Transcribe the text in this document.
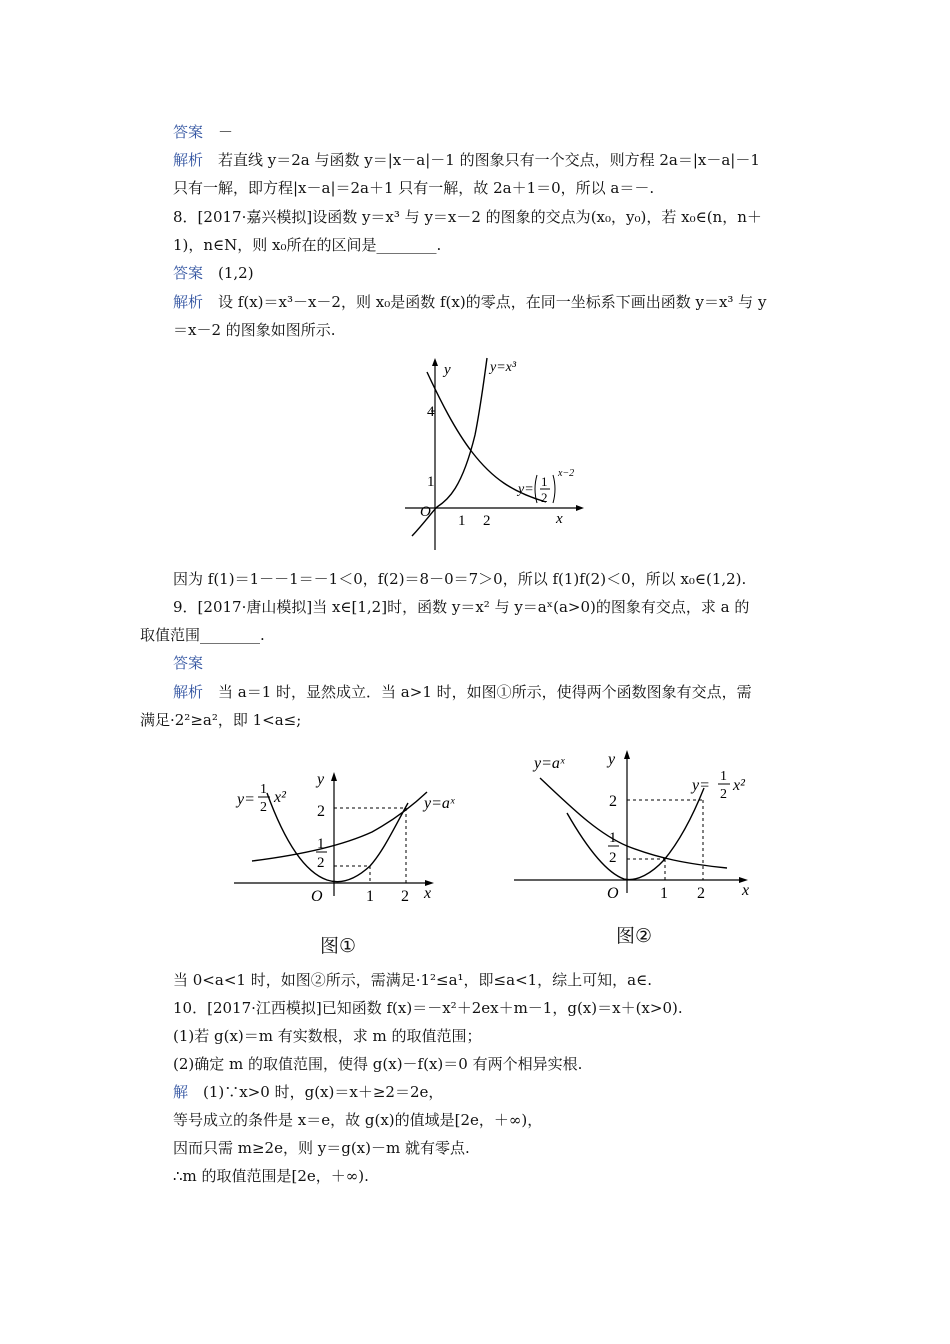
答案　－
解析　若直线 y＝2a 与函数 y＝|x－a|－1 的图象只有一个交点，则方程 2a＝|x－a|－1
只有一解，即方程|x－a|＝2a＋1 只有一解，故 2a＋1＝0，所以 a＝－.
8．[2017·嘉兴模拟]设函数 y＝x³ 与 y＝x－2 的图象的交点为(x₀，y₀)，若 x₀∈(n，n＋
1)，n∈N，则 x₀所在的区间是________.
答案　(1,2)
解析　设 f(x)＝x³－x－2，则 x₀是函数 f(x)的零点，在同一坐标系下画出函数 y＝x³ 与 y
＝x－2 的图象如图所示.
O
y
x
4
1
1 2
y=x³
y=
1
2
x−2
因为 f(1)＝1－－1＝－1＜0，f(2)＝8－0＝7＞0，所以 f(1)f(2)＜0，所以 x₀∈(1,2).
9．[2017·唐山模拟]当 x∈[1,2]时，函数 y＝x² 与 y＝aˣ(a>0)的图象有交点，求 a 的
取值范围________.
答案
解析　当 a＝1 时，显然成立．当 a>1 时，如图①所示，使得两个函数图象有交点，需
满足·2²≥a²，即 1<a≤;
O
y
x
2
1
2
1 2
y=
1
2
x²	y=aˣ
图①
O
y
x
2
1
2
1 2
y=aˣ
y=
1
2
x²
图②
当 0<a<1 时，如图②所示，需满足·1²≤a¹，即≤a<1，综上可知，a∈.
10．[2017·江西模拟]已知函数 f(x)＝－x²＋2ex＋m－1，g(x)＝x＋(x>0).
(1)若 g(x)＝m 有实数根，求 m 的取值范围；
(2)确定 m 的取值范围，使得 g(x)－f(x)＝0 有两个相异实根.
解　(1)∵x>0 时，g(x)＝x＋≥2＝2e，
等号成立的条件是 x＝e，故 g(x)的值域是[2e，＋∞)，
因而只需 m≥2e，则 y＝g(x)－m 就有零点.
∴m 的取值范围是[2e，＋∞).
